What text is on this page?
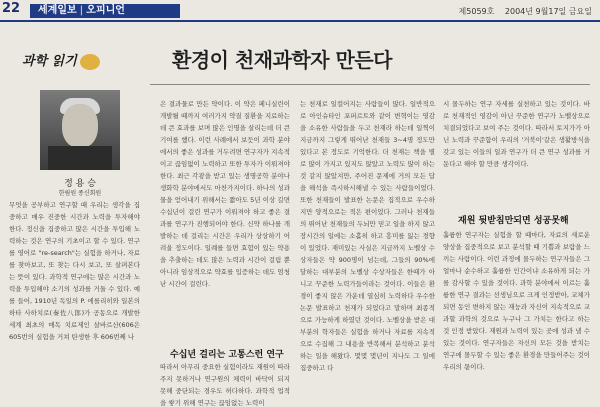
22	세계일보 | 오피니언	제5059호 2004년 9월17일 금요일
과학 읽기	환경이 천재과학자 만든다
정 용 승
한림원 종신회원

무엇을 공부하고 연구할 때 우리는 생각을 집중하고 매우 진중한 시간과 노력을 투자해야 한다. 정신을 집중하고 많은 시간을 투입해 노력하는 것은 연구의 기초이고 할 수 있다. 연구를 영어로 "re-search"는 실험을 하거나, 자료를 찾아보고, 또 찾는 다시 보고, 또 살펴본다는 뜻이 있다. 과학적 연구에는 많은 시간과 노력을 투입해야 소기의 성과를 거둘 수 있다. 예를 들어, 1910년 독일의 P. 에를리히와 일본의 하타 사하치로(秦佐八郎)가 공동으로 개발한 세계 최초의 매독 치료제인 살바르산(606은 605번의 실험을 거쳐 탄생한 후 606번째 나

은 결과물로 만든 약이다. 이 약은 페니실린이 개발될 때까지 여러가지 약질 질환을 지료하는 데 큰 효과를 보며 많은 인명을 살리는데 더 큰 기여를 했다. 이런 사례에서 보듯이 과학 분야에서의 좋은 성과를 거두려면 연구자가 지속적이고 끊임없이 노력하고 또한 투자가 이뤄져야 한다. 최근 각광을 받고 있는 생명공학 분야나 생화학 분야에서도 마찬가지이다. 하나의 성과물을 얻어내기 위해서는 짧아도 5년 이상 길면 수십년이 걸린 연구가 이뤄져야 하고 좋은 결과를 연구가 진행되어야 한다. 신약 하나를 개발하는 데 걸리는 시간은 우리가 상상하기 어려울 정도이다. 일례를 들면 효험이 있는 약용을 추출하는 데도 많은 노력과 시간이 걸림 뿐 아니라 임상적으로 약효를 입증하는 데도 엄청난 시간이 걸린다.

수십년 걸리는 고통스런 연구

따라서 아무리 중요한 실험이라도 재원이 따라주지 못하거나 연구원의 체력이 바닥이 되지 못해 중단되는 경우도 허다하다. 과학적 업적을 쌓기 위해 연구는 끊임없는 노력이

는 천재로 일컬어지는 사람들이 많다. 일반적으로 아인슈타인 포퍼르트와 같이 변혁이는 영감을 소유한 사람들을 두고 천재라 하는데 일찍이 지금까지 그렇게 뛰어난 천재들 3~4명 정도만 있다고 본 정도로 기억한다. 더 천재는 책을 별로 많이 가지고 있지도 않았고 노력도 많이 하는 것 같지 않았지만, 주어진 문제에 거의 모든 답을 해석을 즉시하시해낼 수 있는 사람들이었다. 또한 천재들이 발표한 논문은 집적으로 우수하지만 양적으로는 적은 편이었다. 그러나 천재들의 뛰어난 천재들의 두뇌만 믿고 일을 하지 않고 장시간의 일에는 소홀히 하고 흥미를 잃는 경향이 있었다. 재미있는 사실은 지금까지 노벨상 수상자들은 약 900명이 넘는데, 그들의 90%에 달하는 대부분의 노벨상 수상자들은 한때가 아니고 꾸준한 노력가들이라는 것이다. 이들은 환경이 좋지 않은 가운데 열심히 노력하다 우수한 논문 발표하고 천재가 되었다고 말하며 최종적으로 가능하게 하였던 것이다. 노벨상을 받은 대부분의 학자들은 실험을 하거나 자료를 지속적으로 수집해 그 내용을 반복해서 분석하고 분석하는 일을 해왔다. 몇몇 몇년이 지나도 그 일에 집중하고 다

시 몰두하는 연구 자세를 실천하고 있는 것이다. 바로 천재적인 영감이 아닌 꾸준한 연구가 노벨상으로 치결되었다고 보여 주는 것이다. 따라서 토지가가 아닌 노력과 꾸준함이 우리의 '거북이'같은 생활방식을 갖고 있는 이들의 일과 연구가 더 큰 연구 성과를 거둔다고 해야 할 만큼 생각이다.

재원 뒷받침만되면 성공못해

훌륭한 연구자는 실험을 할 때마다, 자료의 새로운 양상을 집중적으로 보고 분석할 때 기쁨과 보람을 느끼는 사람이다. 이런 과정에 몰두하는 연구자들은 그 얼마나 순수하고 훌륭한 인간이냐 소유하게 되는 가를 감사할 수 있을 것이다. 과학 분야에서 이르는 훌륭한 연구 결과는 선생님으로 크게 인정받아, 교체가 되면 동인 변하지 않는 재능과 자신이 지속적으로 교과할 과학의 것으로 누구나 그 가치는 한다고 하는 것 인정 받았다. 재원과 노력이 있는 곳에 성과 낼 수 있는 것이다. 연구자들은 자신의 모든 것을 받치는 연구에 몰두할 수 있는 좋은 환경을 만들어주는 것이 우리의 몫이다.
